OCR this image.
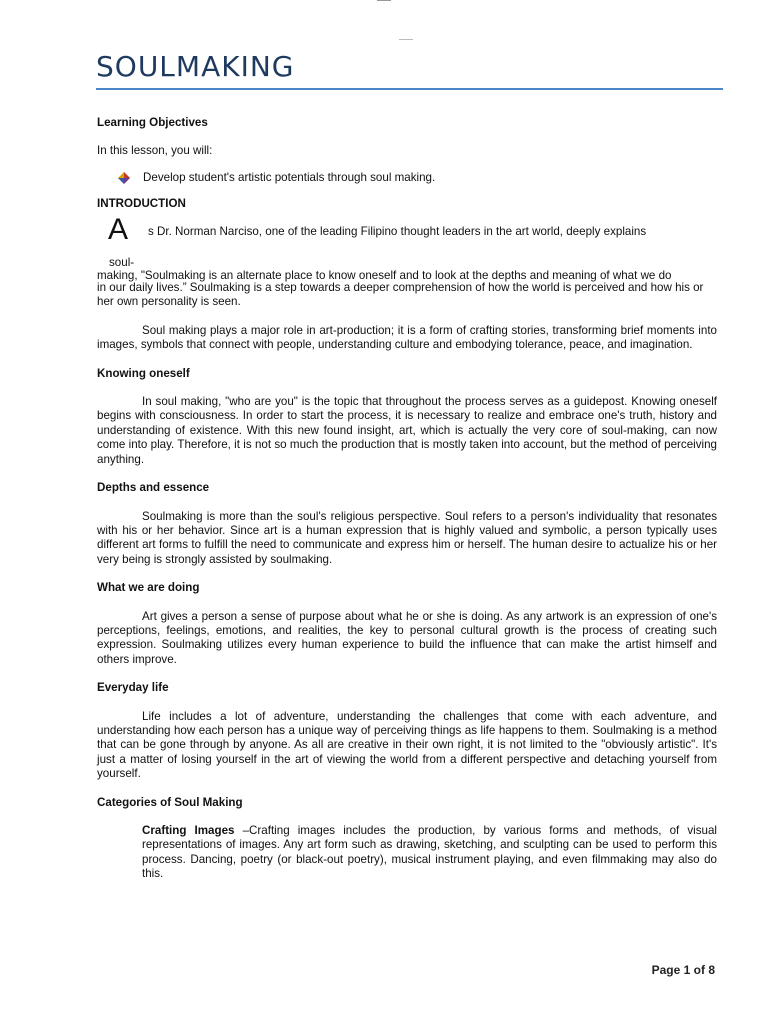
SOULMAKING

Learning Objectives

In this lesson, you will:

Develop student's artistic potentials through soul making.

INTRODUCTION

A s Dr. Norman Narciso, one of the leading Filipino thought leaders in the art world, deeply explains

soul-

making, "Soulmaking is an alternate place to know oneself and to look at the depths and meaning of what we do

in our daily lives.” Soulmaking is a step towards a deeper comprehension of how the world is perceived and how his or her own personality is seen.

Soul making plays a major role in art-production; it is a form of crafting stories, transforming brief moments into images, symbols that connect with people, understanding culture and embodying tolerance, peace, and imagination.

Knowing oneself

In soul making, "who are you" is the topic that throughout the process serves as a guidepost. Knowing oneself begins with consciousness. In order to start the process, it is necessary to realize and embrace one's truth, history and understanding of existence. With this new found insight, art, which is actually the very core of soul-making, can now come into play. Therefore, it is not so much the production that is mostly taken into account, but the method of perceiving anything.

Depths and essence

Soulmaking is more than the soul's religious perspective. Soul refers to a person's individuality that resonates with his or her behavior. Since art is a human expression that is highly valued and symbolic, a person typically uses different art forms to fulfill the need to communicate and express him or herself. The human desire to actualize his or her very being is strongly assisted by soulmaking.

What we are doing

Art gives a person a sense of purpose about what he or she is doing. As any artwork is an expression of one's perceptions, feelings, emotions, and realities, the key to personal cultural growth is the process of creating such expression. Soulmaking utilizes every human experience to build the influence that can make the artist himself and others improve.

Everyday life

Life includes a lot of adventure, understanding the challenges that come with each adventure, and understanding how each person has a unique way of perceiving things as life happens to them. Soulmaking is a method that can be gone through by anyone. As all are creative in their own right, it is not limited to the "obviously artistic". It's just a matter of losing yourself in the art of viewing the world from a different perspective and detaching yourself from yourself.

Categories of Soul Making

Crafting Images –Crafting images includes the production, by various forms and methods, of visual representations of images. Any art form such as drawing, sketching, and sculpting can be used to perform this process. Dancing, poetry (or black-out poetry), musical instrument playing, and even filmmaking may also do this.

Page 1 of 8
